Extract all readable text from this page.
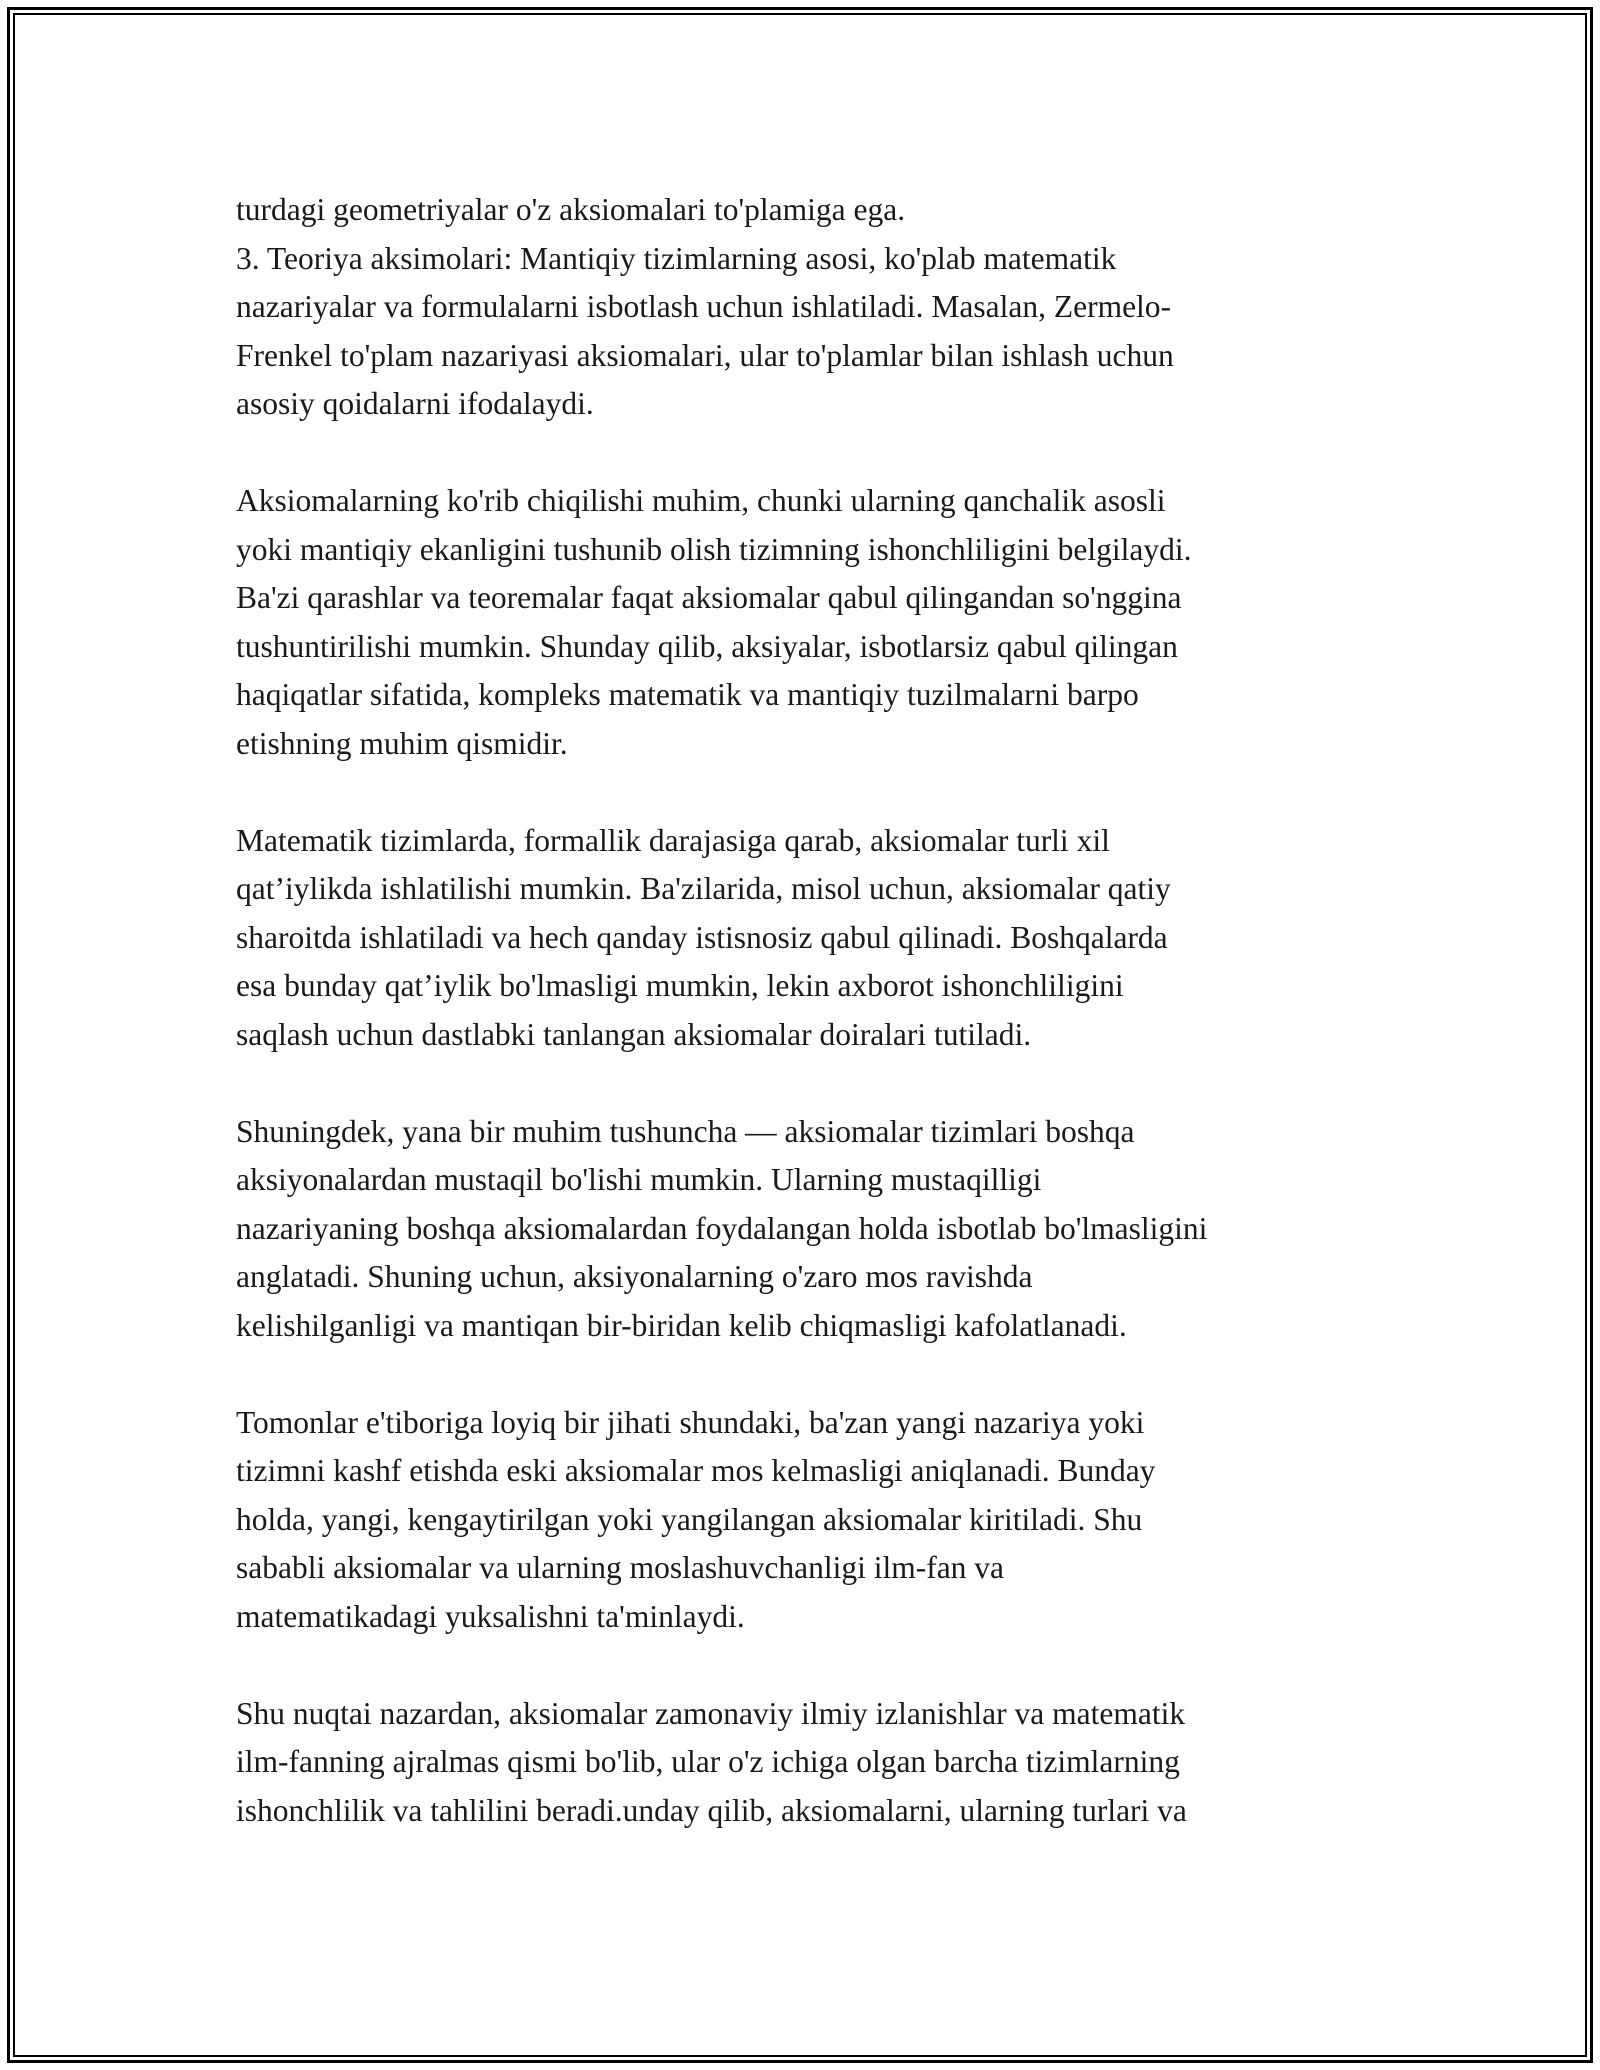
turdagi geometriyalar o'z aksiomalari to'plamiga ega.
3. Teoriya aksimolari: Mantiqiy tizimlarning asosi, ko'plab matematik
nazariyalar va formulalarni isbotlash uchun ishlatiladi. Masalan, Zermelo-
Frenkel to'plam nazariyasi aksiomalari, ular to'plamlar bilan ishlash uchun
asosiy qoidalarni ifodalaydi.
Aksiomalarning ko'rib chiqilishi muhim, chunki ularning qanchalik asosli
yoki mantiqiy ekanligini tushunib olish tizimning ishonchliligini belgilaydi.
Ba'zi qarashlar va teoremalar faqat aksiomalar qabul qilingandan so'nggina
tushuntirilishi mumkin. Shunday qilib, aksiyalar, isbotlarsiz qabul qilingan
haqiqatlar sifatida, kompleks matematik va mantiqiy tuzilmalarni barpo
etishning muhim qismidir.
Matematik tizimlarda, formallik darajasiga qarab, aksiomalar turli xil
qat’iylikda ishlatilishi mumkin. Ba'zilarida, misol uchun, aksiomalar qatiy
sharoitda ishlatiladi va hech qanday istisnosiz qabul qilinadi. Boshqalarda
esa bunday qat’iylik bo'lmasligi mumkin, lekin axborot ishonchliligini
saqlash uchun dastlabki tanlangan aksiomalar doiralari tutiladi.
Shuningdek, yana bir muhim tushuncha — aksiomalar tizimlari boshqa
aksiyonalardan mustaqil bo'lishi mumkin. Ularning mustaqilligi
nazariyaning boshqa aksiomalardan foydalangan holda isbotlab bo'lmasligini
anglatadi. Shuning uchun, aksiyonalarning o'zaro mos ravishda
kelishilganligi va mantiqan bir-biridan kelib chiqmasligi kafolatlanadi.
Tomonlar e'tiboriga loyiq bir jihati shundaki, ba'zan yangi nazariya yoki
tizimni kashf etishda eski aksiomalar mos kelmasligi aniqlanadi. Bunday
holda, yangi, kengaytirilgan yoki yangilangan aksiomalar kiritiladi. Shu
sababli aksiomalar va ularning moslashuvchanligi ilm-fan va
matematikadagi yuksalishni ta'minlaydi.
Shu nuqtai nazardan, aksiomalar zamonaviy ilmiy izlanishlar va matematik
ilm-fanning ajralmas qismi bo'lib, ular o'z ichiga olgan barcha tizimlarning
ishonchlilik va tahlilini beradi.unday qilib, aksiomalarni, ularning turlari va
